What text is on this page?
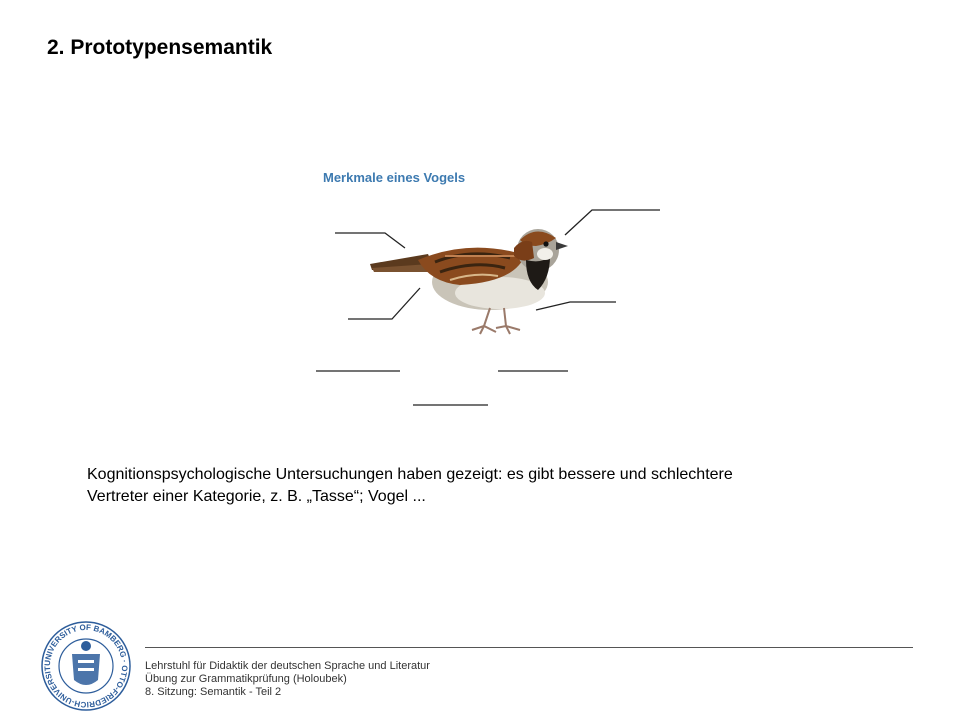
2. Prototypensemantik
Merkmale eines Vogels
Kognitionspsychologische Untersuchungen haben gezeigt: es gibt bessere und schlechtere
Vertreter einer Kategorie, z. B. „Tasse“; Vogel ...
UNIVERSITY OF BAMBERG · OTTO-FRIEDRICH-UNIVERSIT	Lehrstuhl für Didaktik der deutschen Sprache und Literatur
Übung zur Grammatikprüfung (Holoubek)
8. Sitzung: Semantik - Teil 2
